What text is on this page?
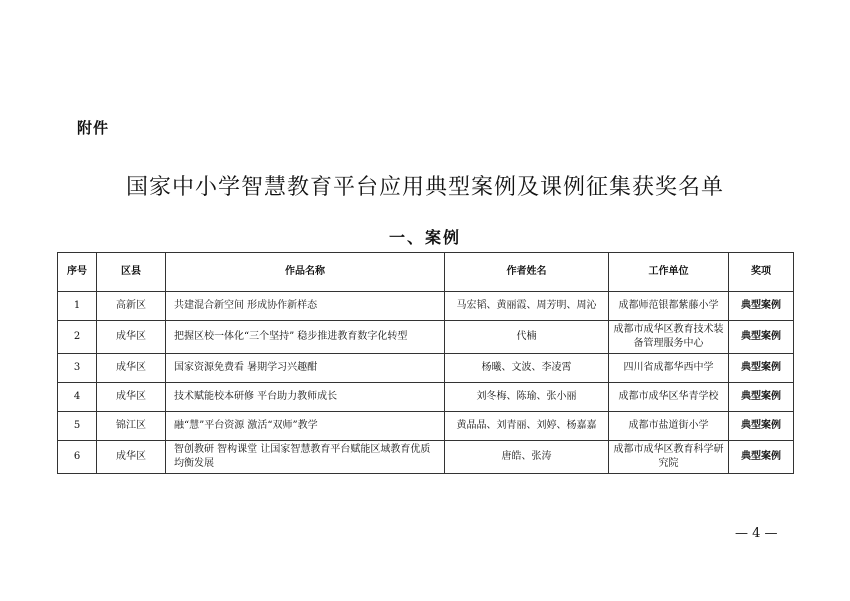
附件
国家中小学智慧教育平台应用典型案例及课例征集获奖名单
一、案例
序号	区县	作品名称	作者姓名	工作单位	奖项
1	高新区	共建混合新空间 形成协作新样态	马宏韬、黄丽霞、周芳明、周沁	成都师范银都紫藤小学	典型案例
2	成华区	把握区校一体化“三个坚持” 稳步推进教育数字化转型	代楠	成都市成华区教育技术装备管理服务中心	典型案例
3	成华区	国家资源免费看 暑期学习兴趣酣	杨曦、文波、李凌霄	四川省成都华西中学	典型案例
4	成华区	技术赋能校本研修 平台助力教师成长	刘冬梅、陈瑜、张小丽	成都市成华区华青学校	典型案例
5	锦江区	融“慧”平台资源 激活“双师”教学	黄晶晶、刘青丽、刘婷、杨嘉嘉	成都市盐道街小学	典型案例
6	成华区	智创教研 智构课堂 让国家智慧教育平台赋能区域教育优质均衡发展	唐皓、张涛	成都市成华区教育科学研究院	典型案例
— 4 —
